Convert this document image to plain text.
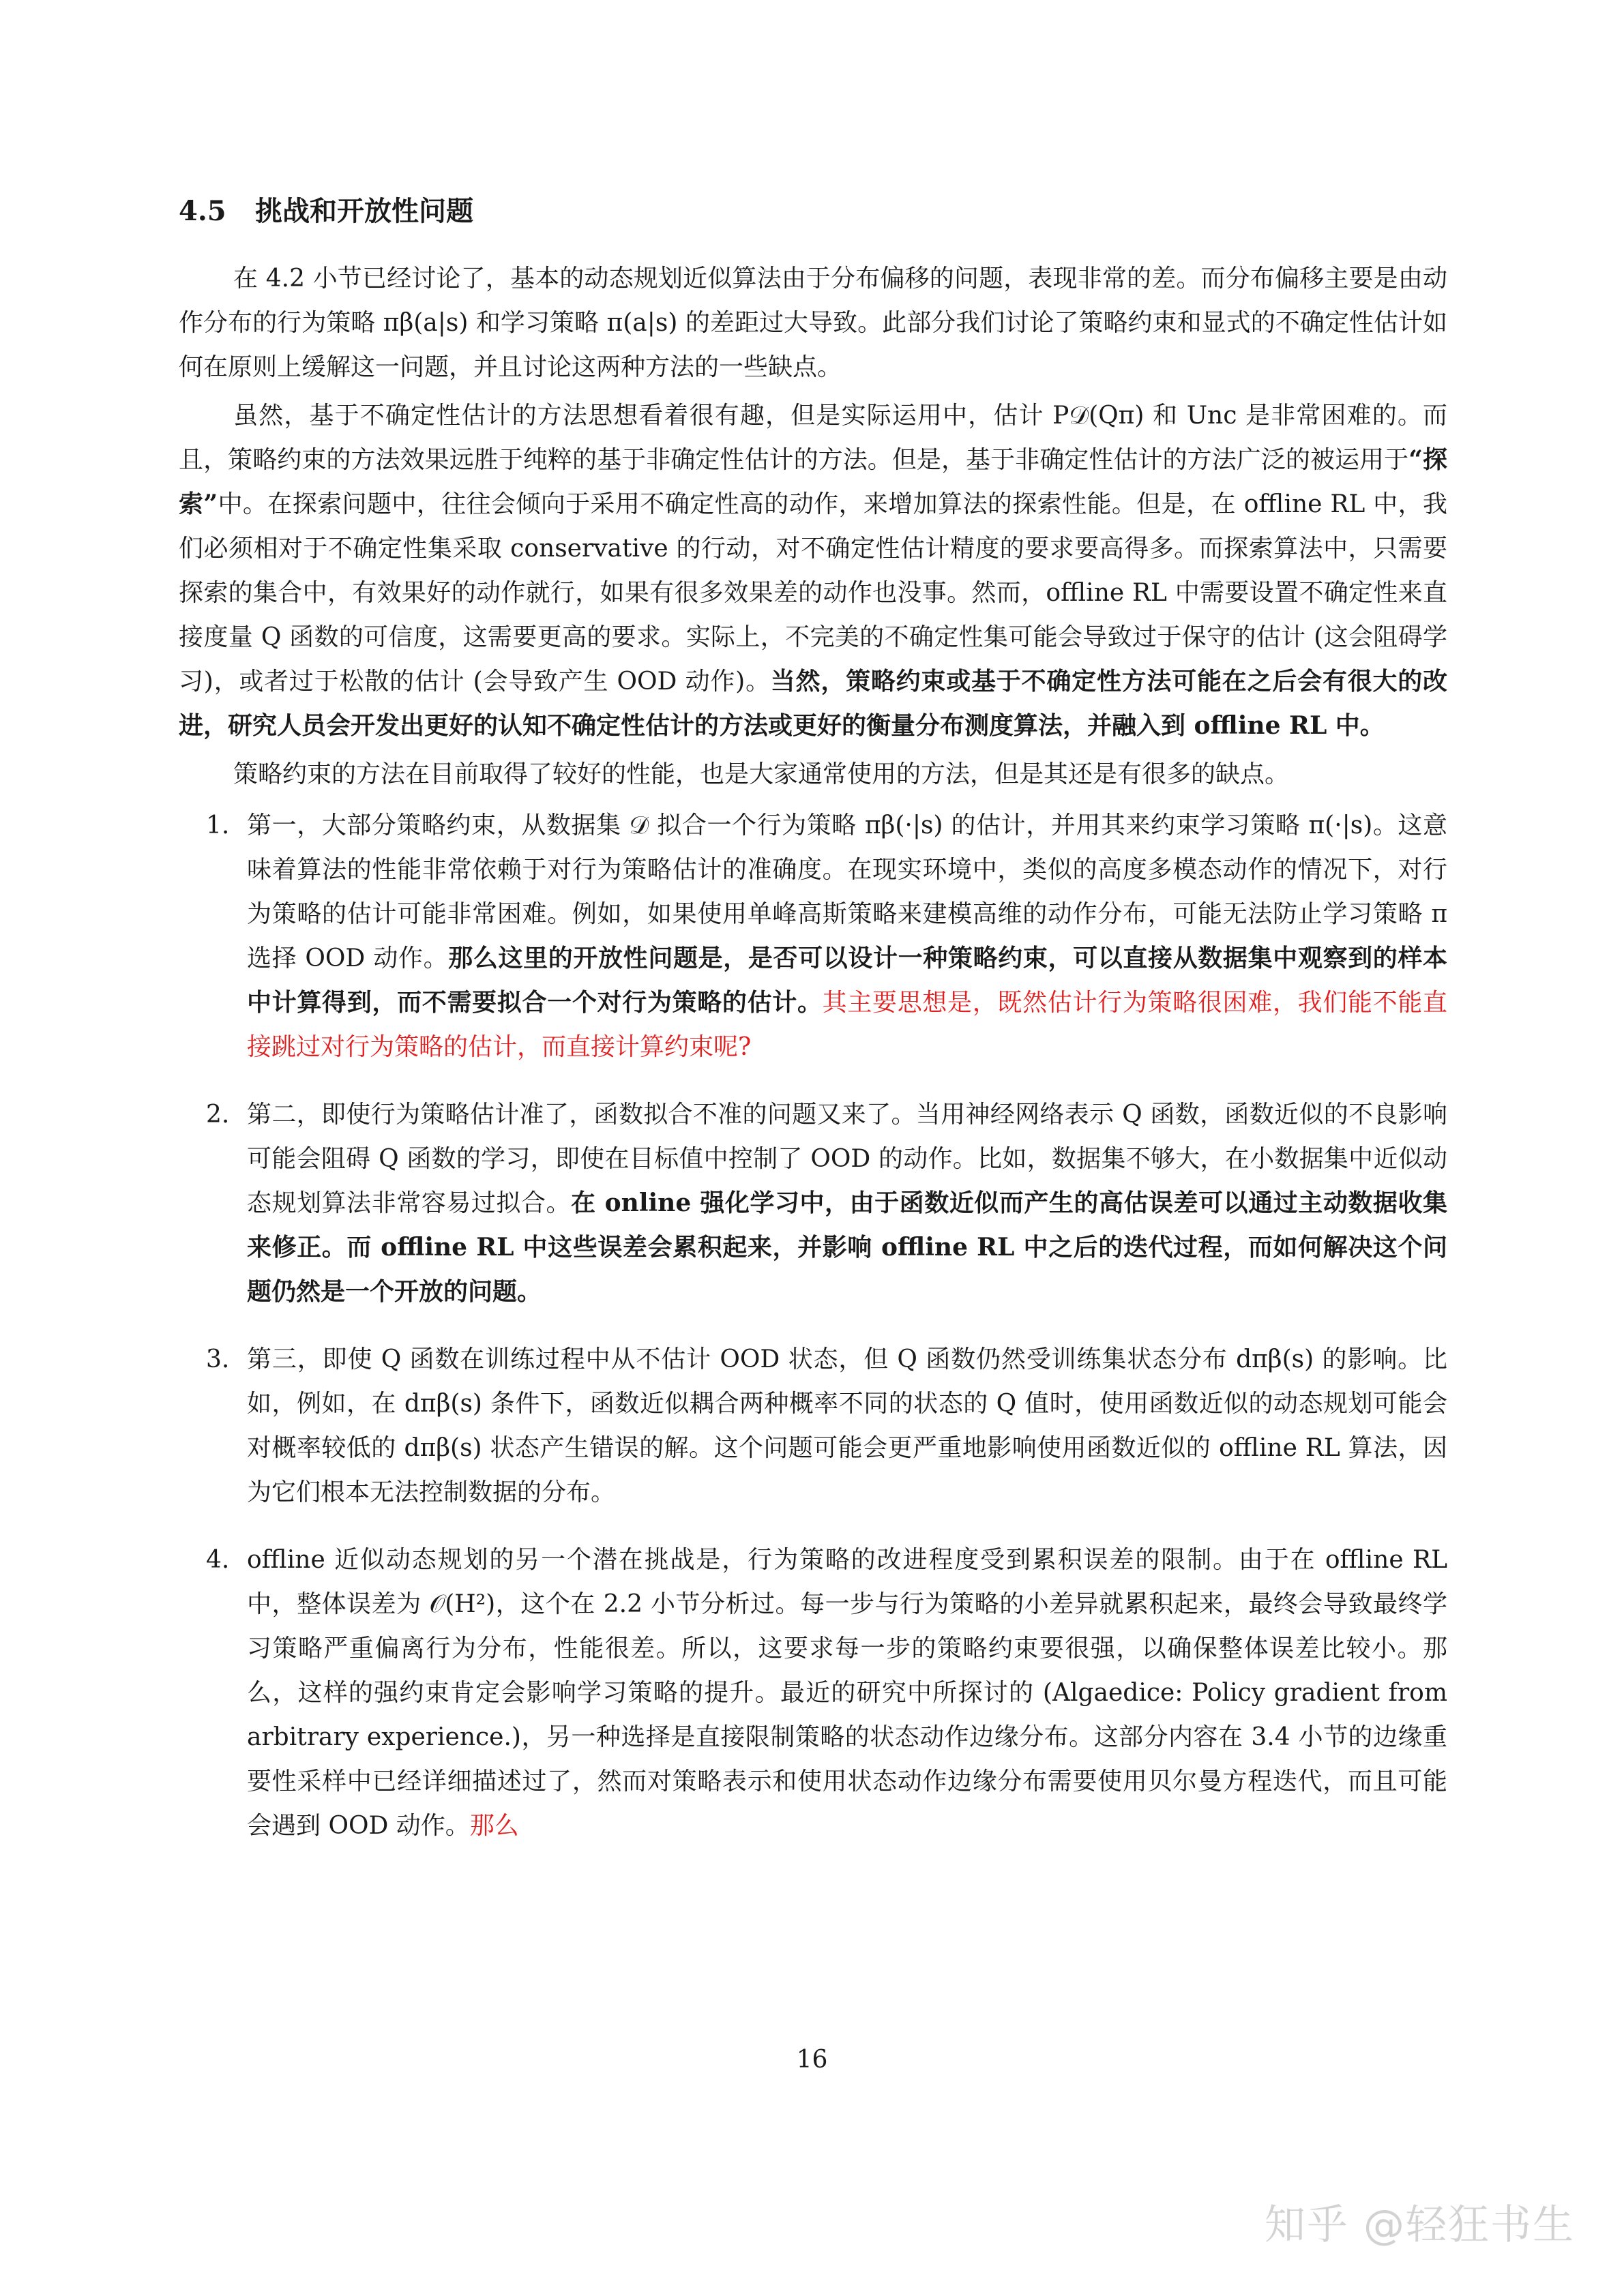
4.5 挑战和开放性问题

在 4.2 小节已经讨论了，基本的动态规划近似算法由于分布偏移的问题，表现非常的差。而分布偏移主要是由动作分布的行为策略 πβ(a|s) 和学习策略 π(a|s) 的差距过大导致。此部分我们讨论了策略约束和显式的不确定性估计如何在原则上缓解这一问题，并且讨论这两种方法的一些缺点。

虽然，基于不确定性估计的方法思想看着很有趣，但是实际运用中，估计 P𝒟(Qπ) 和 Unc 是非常困难的。而且，策略约束的方法效果远胜于纯粹的基于非确定性估计的方法。但是，基于非确定性估计的方法广泛的被运用于“探索”中。在探索问题中，往往会倾向于采用不确定性高的动作，来增加算法的探索性能。但是，在 offline RL 中，我们必须相对于不确定性集采取 conservative 的行动，对不确定性估计精度的要求要高得多。而探索算法中，只需要探索的集合中，有效果好的动作就行，如果有很多效果差的动作也没事。然而，offline RL 中需要设置不确定性来直接度量 Q 函数的可信度，这需要更高的要求。实际上，不完美的不确定性集可能会导致过于保守的估计 (这会阻碍学习)，或者过于松散的估计 (会导致产生 OOD 动作)。当然，策略约束或基于不确定性方法可能在之后会有很大的改进，研究人员会开发出更好的认知不确定性估计的方法或更好的衡量分布测度算法，并融入到 offline RL 中。

策略约束的方法在目前取得了较好的性能，也是大家通常使用的方法，但是其还是有很多的缺点。

1. 第一，大部分策略约束，从数据集 𝒟 拟合一个行为策略 πβ(·|s) 的估计，并用其来约束学习策略 π(·|s)。这意味着算法的性能非常依赖于对行为策略估计的准确度。在现实环境中，类似的高度多模态动作的情况下，对行为策略的估计可能非常困难。例如，如果使用单峰高斯策略来建模高维的动作分布，可能无法防止学习策略 π 选择 OOD 动作。那么这里的开放性问题是，是否可以设计一种策略约束，可以直接从数据集中观察到的样本中计算得到，而不需要拟合一个对行为策略的估计。其主要思想是，既然估计行为策略很困难，我们能不能直接跳过对行为策略的估计，而直接计算约束呢?
2. 第二，即使行为策略估计准了，函数拟合不准的问题又来了。当用神经网络表示 Q 函数，函数近似的不良影响可能会阻碍 Q 函数的学习，即使在目标值中控制了 OOD 的动作。比如，数据集不够大，在小数据集中近似动态规划算法非常容易过拟合。在 online 强化学习中，由于函数近似而产生的高估误差可以通过主动数据收集来修正。而 offline RL 中这些误差会累积起来，并影响 offline RL 中之后的迭代过程，而如何解决这个问题仍然是一个开放的问题。
3. 第三，即使 Q 函数在训练过程中从不估计 OOD 状态，但 Q 函数仍然受训练集状态分布 dπβ(s) 的影响。比如，例如，在 dπβ(s) 条件下，函数近似耦合两种概率不同的状态的 Q 值时，使用函数近似的动态规划可能会对概率较低的 dπβ(s) 状态产生错误的解。这个问题可能会更严重地影响使用函数近似的 offline RL 算法，因为它们根本无法控制数据的分布。
4. offline 近似动态规划的另一个潜在挑战是，行为策略的改进程度受到累积误差的限制。由于在 offline RL 中，整体误差为 𝒪(H²)，这个在 2.2 小节分析过。每一步与行为策略的小差异就累积起来，最终会导致最终学习策略严重偏离行为分布，性能很差。所以，这要求每一步的策略约束要很强，以确保整体误差比较小。那么，这样的强约束肯定会影响学习策略的提升。最近的研究中所探讨的 (Algaedice: Policy gradient from arbitrary experience.)，另一种选择是直接限制策略的状态动作边缘分布。这部分内容在 3.4 小节的边缘重要性采样中已经详细描述过了，然而对策略表示和使用状态动作边缘分布需要使用贝尔曼方程迭代，而且可能会遇到 OOD 动作。那么
16
知乎 @轻狂书生
